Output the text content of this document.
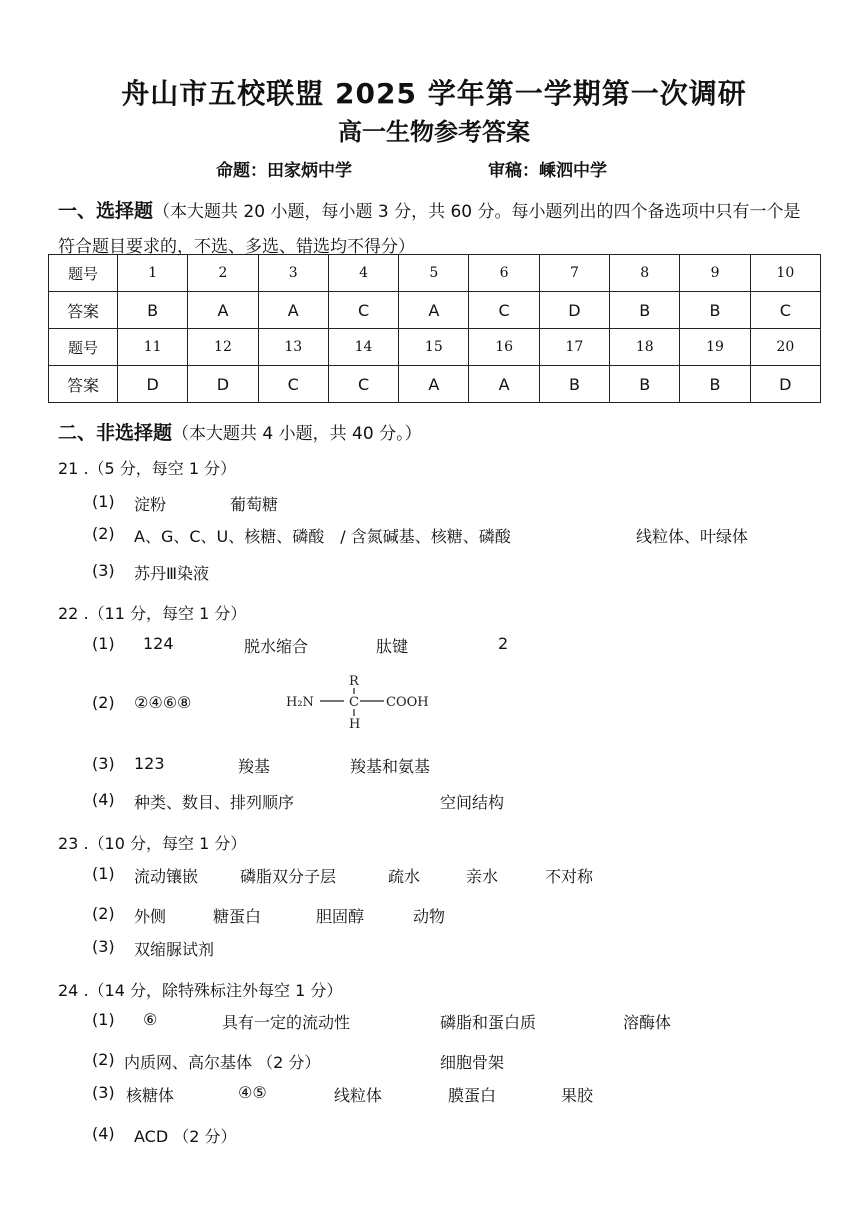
舟山市五校联盟 2025 学年第一学期第一次调研
高一生物参考答案
命题：田家炳中学	审稿：嵊泗中学
一、选择题（本大题共 20 小题，每小题 3 分，共 60 分。每小题列出的四个备选项中只有一个是
符合题目要求的，不选、多选、错选均不得分）
题号	1	2	3	4	5	6	7	8	9	10
答案	B	A	A	C	A	C	D	B	B	C
题号	11	12	13	14	15	16	17	18	19	20
答案	D	D	C	C	A	A	B	B	B	D
二、非选择题（本大题共 4 小题，共 40 分。）
21 .（5 分，每空 1 分）
(1) 淀粉	葡萄糖
(2) A、G、C、U、核糖、磷酸　/ 含氮碱基、核糖、磷酸	线粒体、叶绿体
(3) 苏丹Ⅲ染液
22 .（11 分，每空 1 分）
(1) 124	脱水缩合	肽键	2
(2) ②④⑥⑧
R
H₂N	C COOH
H
(3) 123	羧基	羧基和氨基
(4) 种类、数目、排列顺序	空间结构
23 .（10 分，每空 1 分）
(1) 流动镶嵌	磷脂双分子层	疏水	亲水	不对称
(2) 外侧	糖蛋白	胆固醇	动物
(3) 双缩脲试剂
24 .（14 分，除特殊标注外每空 1 分）
(1) ⑥	具有一定的流动性	磷脂和蛋白质	溶酶体
(2) 内质网、高尔基体 （2 分）	细胞骨架
(3) 核糖体	④⑤	线粒体	膜蛋白	果胶
(4) ACD （2 分）
